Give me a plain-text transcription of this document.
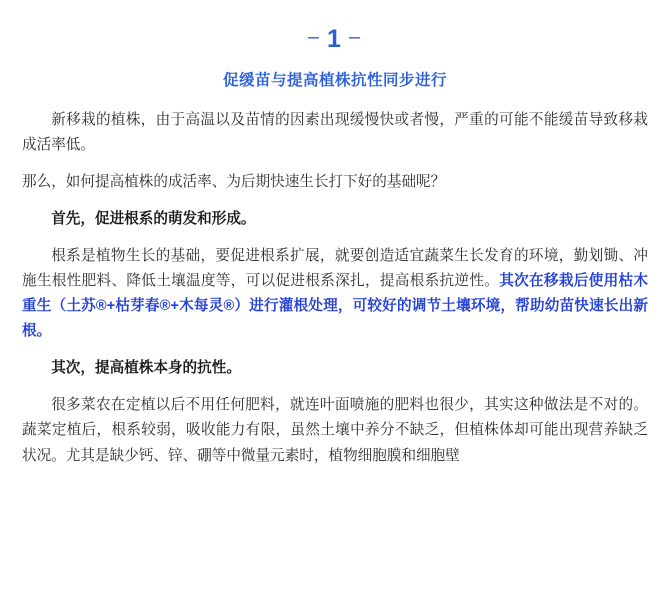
– 1 –
促缓苗与提高植株抗性同步进行

新移栽的植株，由于高温以及苗情的因素出现缓慢快或者慢，严重的可能不能缓苗导致移栽成活率低。

那么，如何提高植株的成活率、为后期快速生长打下好的基础呢？

首先，促进根系的萌发和形成。

根系是植物生长的基础，要促进根系扩展，就要创造适宜蔬菜生长发育的环境，勤划锄、冲施生根性肥料、降低土壤温度等，可以促进根系深扎，提高根系抗逆性。其次在移栽后使用枯木重生（土苏®+枯芽春®+木每灵®）进行灌根处理，可较好的调节土壤环境，帮助幼苗快速长出新根。

其次，提高植株本身的抗性。

很多菜农在定植以后不用任何肥料，就连叶面喷施的肥料也很少，其实这种做法是不对的。蔬菜定植后，根系较弱，吸收能力有限，虽然土壤中养分不缺乏，但植株体却可能出现营养缺乏状况。尤其是缺少钙、锌、硼等中微量元素时，植物细胞膜和细胞壁
